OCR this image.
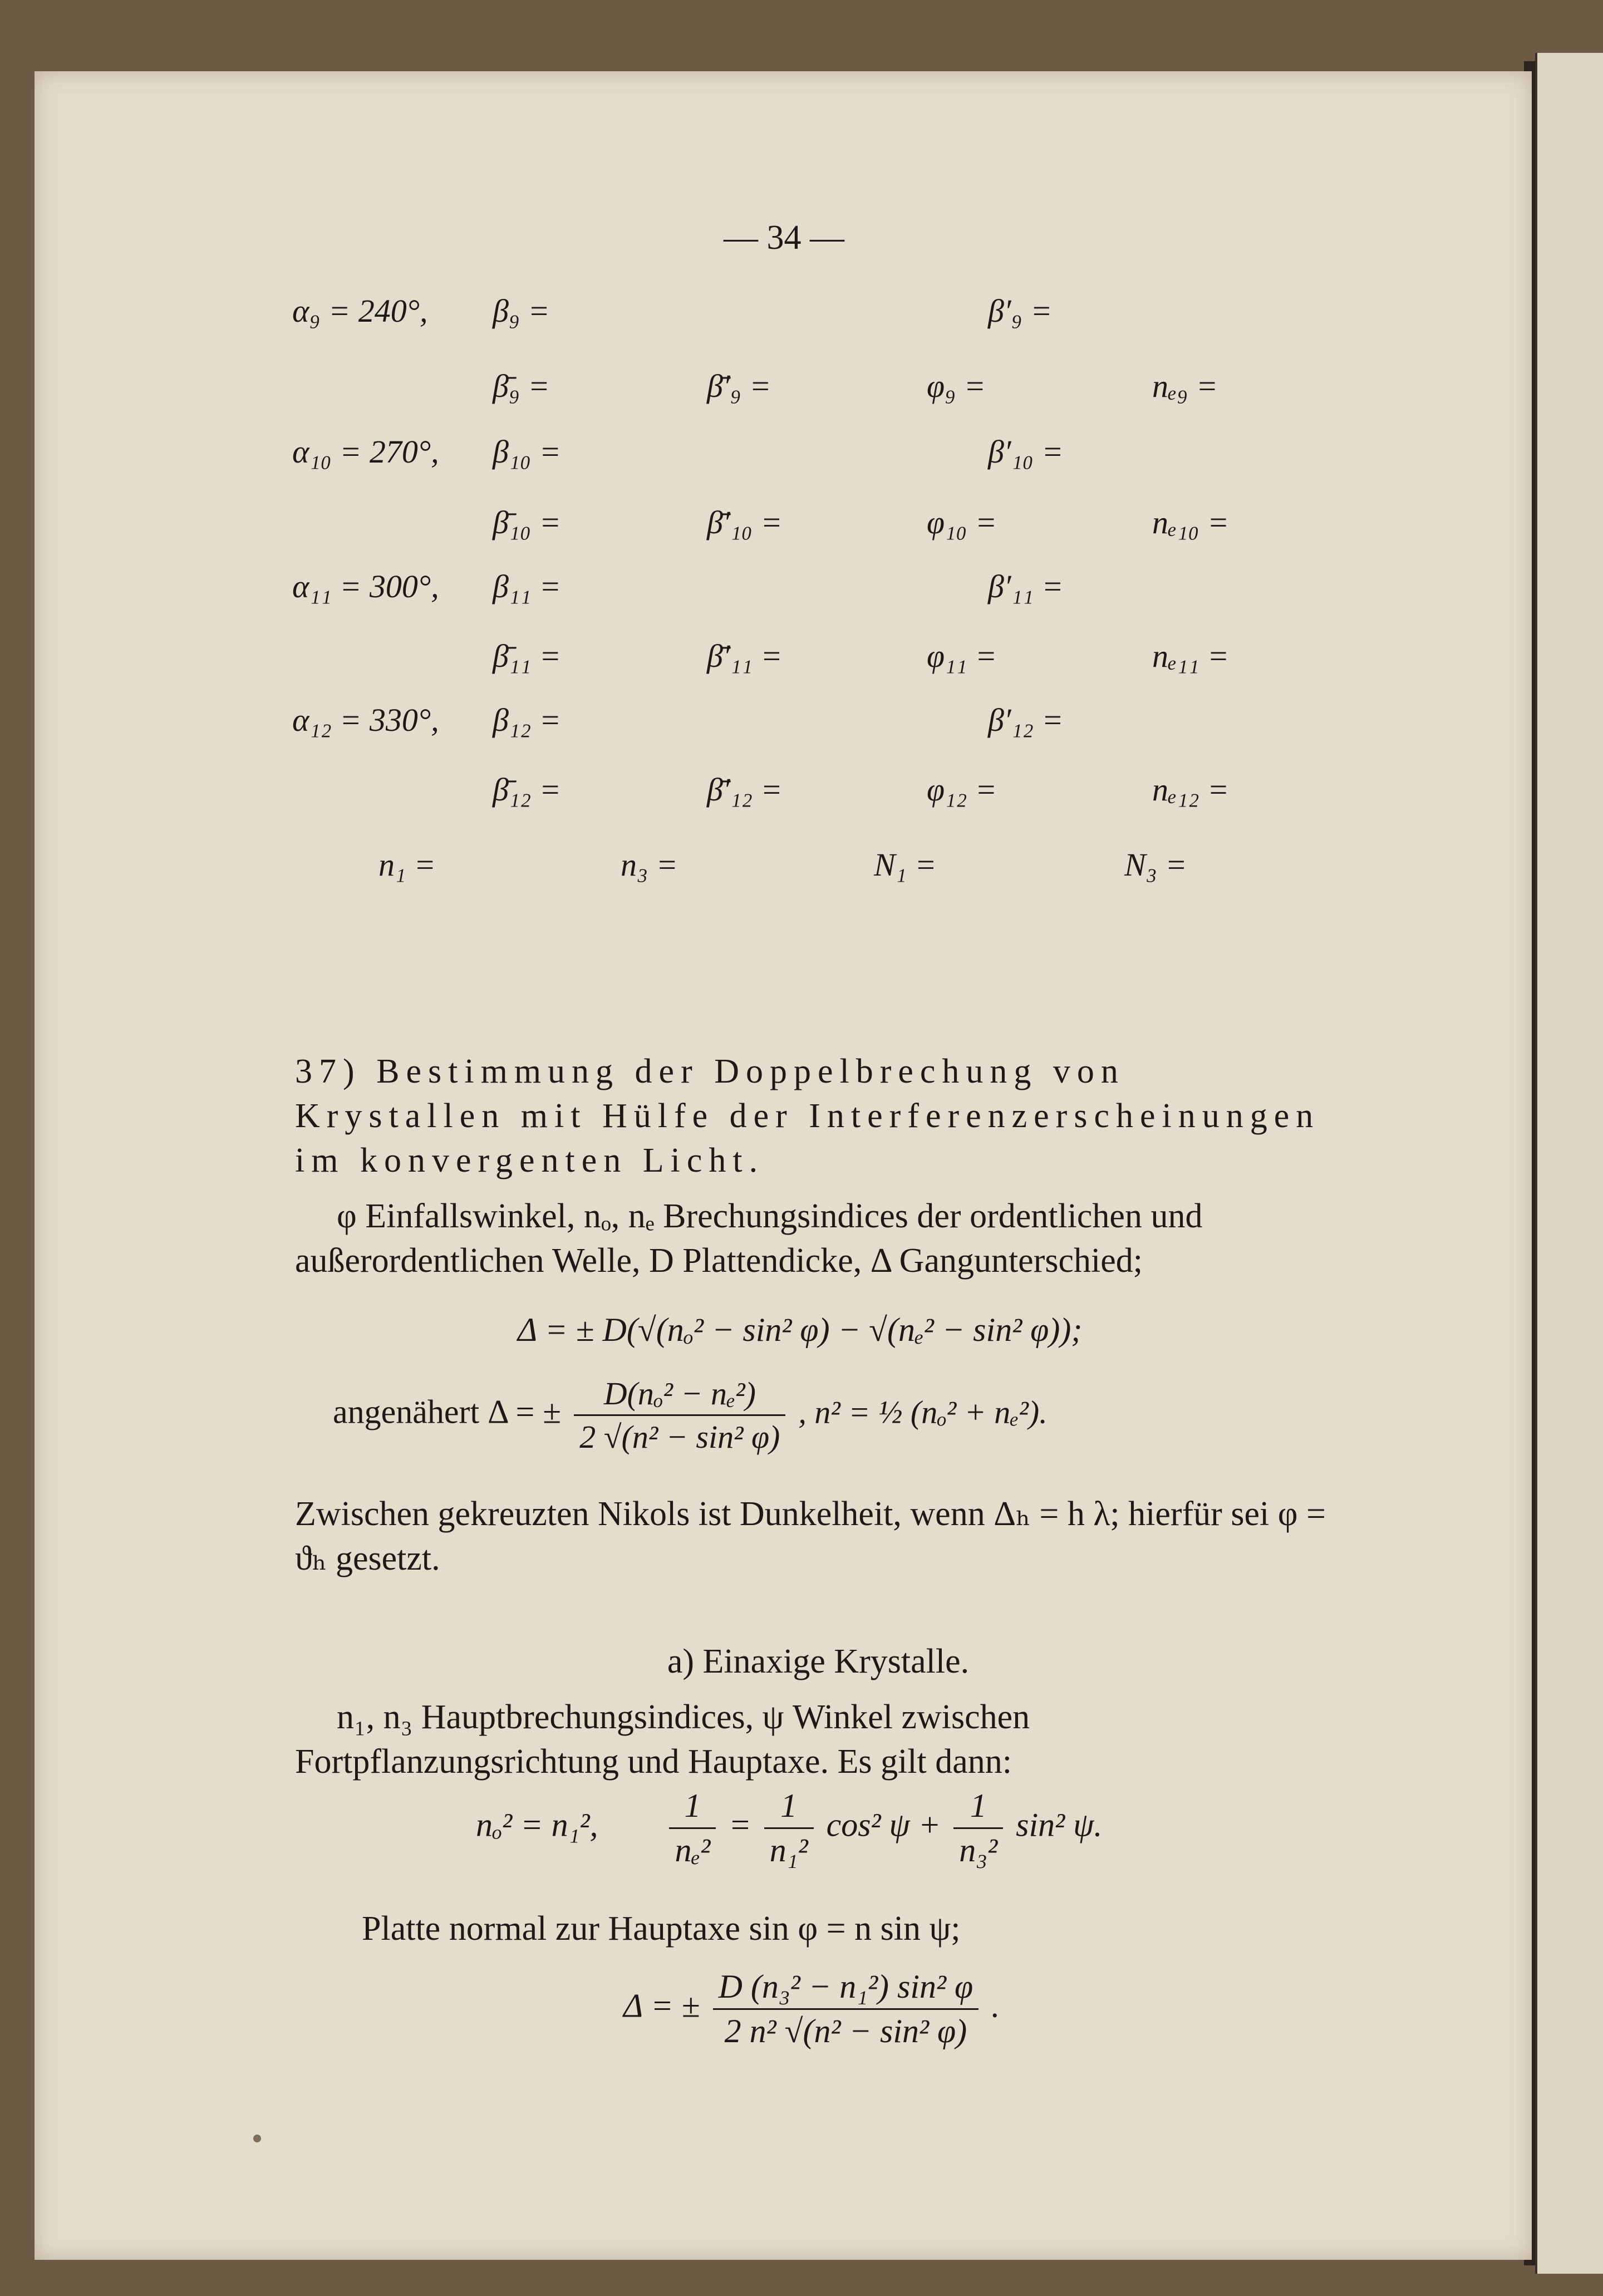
— 34 —
α₉ = 240°, β₉ =	β′₉ =
β̄₉ =	β̄′₉ =	φ₉ =	nₑ₉ =
α₁₀ = 270°, β₁₀ =	β′₁₀ =
β̄₁₀ =	β̄′₁₀ =	φ₁₀ =	nₑ₁₀ =
α₁₁ = 300°, β₁₁ =	β′₁₁ =
β̄₁₁ =	β̄′₁₁ =	φ₁₁ =	nₑ₁₁ =
α₁₂ = 330°, β₁₂ =	β′₁₂ =
β̄₁₂ =	β̄′₁₂ =	φ₁₂ =	nₑ₁₂ =
n₁ =	n₃ =	N₁ =	N₃ =
37) Bestimmung der Doppelbrechung von Krystallen mit Hülfe der Interferenzerscheinungen im konvergenten Licht.
φ Einfallswinkel, nₒ, nₑ Brechungsindices der ordentlichen und außerordentlichen Welle, D Plattendicke, Δ Gangunterschied;
Δ = ± D(√(nₒ² − sin² φ) − √(nₑ² − sin² φ));
angenähert Δ = ± $\frac{\text{D(nₒ² − nₑ²)}}{\text{2 √(n² − sin² φ)}}$ , n² = ½ (nₒ² + nₑ²).
Zwischen gekreuzten Nikols ist Dunkelheit, wenn Δₕ = h λ; hierfür sei φ = ϑₕ gesetzt.
a) Einaxige Krystalle.
n₁, n₃ Hauptbrechungsindices, ψ Winkel zwischen Fortpflanzungsrichtung und Hauptaxe. Es gilt dann:
nₒ² = n₁², $\frac{1}{\text{nₑ²}} = \frac{1}{\text{n₁²}} \cos^2$ $\psi + \frac{1}{\text{n₃²}} \sin^2$ ψ.
Platte normal zur Hauptaxe sin φ = n sin ψ;
Δ = ± $\frac{\text{D (n₃² − n₁²) sin² φ}}{\text{2 n² √(n² − sin² φ)}}$ .
